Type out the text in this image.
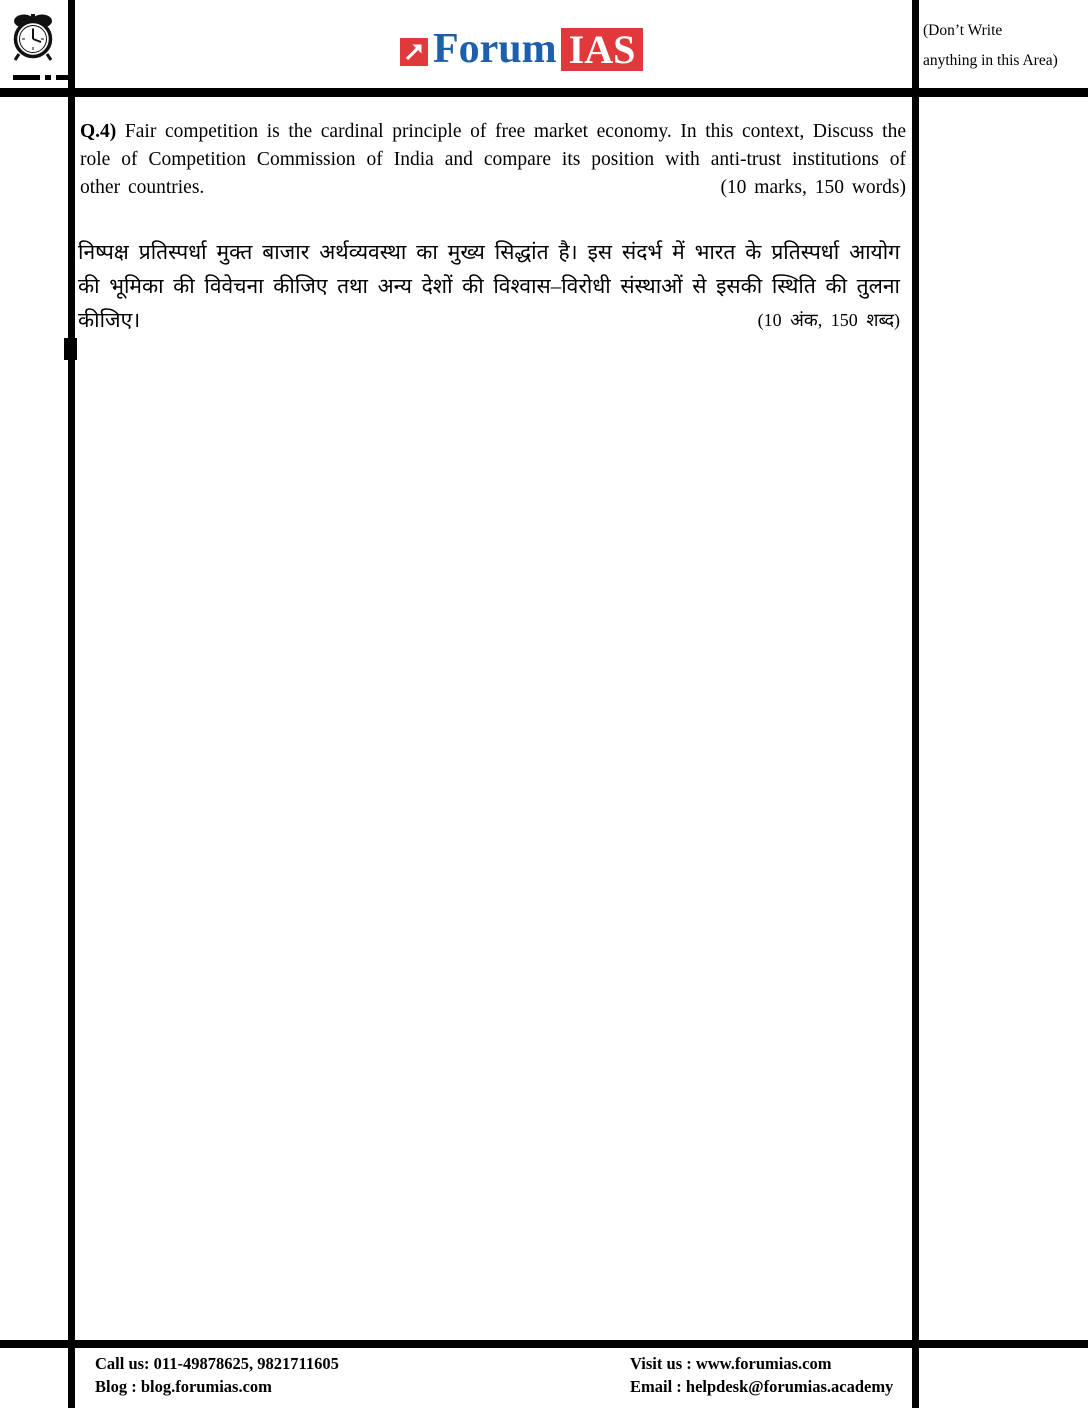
Forum IAS	(Don’t Write
anything in this Area)

Q.4) Fair competition is the cardinal principle of free market economy. In this context, Discuss the role of Competition Commission of India and compare its position with anti-trust institutions of other countries.	(10 marks, 150 words)

निष्पक्ष प्रतिस्पर्धा मुक्त बाजार अर्थव्यवस्था का मुख्य सिद्धांत है। इस संदर्भ में भारत के प्रतिस्पर्धा आयोग की भूमिका की विवेचना कीजिए तथा अन्य देशों की विश्वास–विरोधी संस्थाओं से इसकी स्थिति की तुलना कीजिए।	(10 अंक, 150 शब्द)

Call us: 011-49878625, 9821711605
Blog : blog.forumias.com
Visit us : www.forumias.com
Email : helpdesk@forumias.academy
